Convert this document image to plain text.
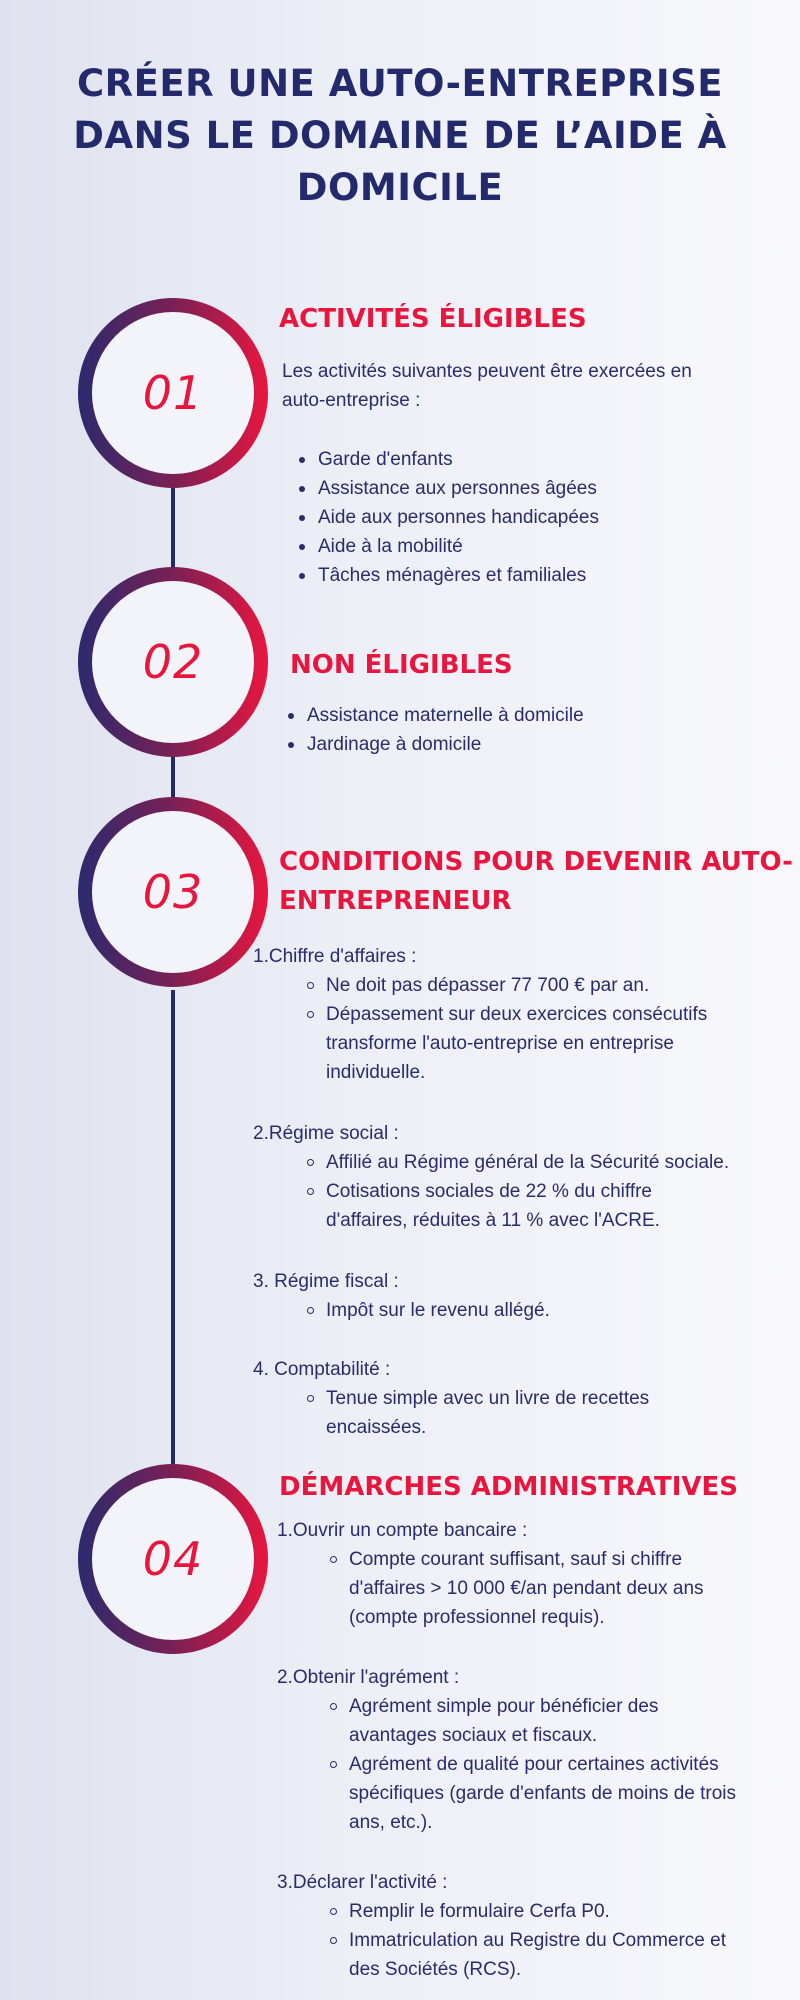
CRÉER UNE AUTO-ENTREPRISE
DANS LE DOMAINE DE L’AIDE À
DOMICILE
01
ACTIVITÉS ÉLIGIBLES
Les activités suivantes peuvent être exercées en
auto-entreprise :
Garde d'enfants
Assistance aux personnes âgées
Aide aux personnes handicapées
Aide à la mobilité
Tâches ménagères et familiales
02	NON ÉLIGIBLES
Assistance maternelle à domicile
Jardinage à domicile
03
CONDITIONS POUR DEVENIR AUTO-
ENTREPRENEUR
1.Chiffre d'affaires :
Ne doit pas dépasser 77 700 € par an.
Dépassement sur deux exercices consécutifs
transforme l'auto-entreprise en entreprise
individuelle.
2.Régime social :
Affilié au Régime général de la Sécurité sociale.
Cotisations sociales de 22 % du chiffre
d'affaires, réduites à 11 % avec l'ACRE.
3. Régime fiscal :
Impôt sur le revenu allégé.
4. Comptabilité :
Tenue simple avec un livre de recettes
encaissées.
04
DÉMARCHES ADMINISTRATIVES
1.Ouvrir un compte bancaire :
Compte courant suffisant, sauf si chiffre
d'affaires > 10 000 €/an pendant deux ans
(compte professionnel requis).
2.Obtenir l'agrément :
Agrément simple pour bénéficier des
avantages sociaux et fiscaux.
Agrément de qualité pour certaines activités
spécifiques (garde d'enfants de moins de trois
ans, etc.).
3.Déclarer l'activité :
Remplir le formulaire Cerfa P0.
Immatriculation au Registre du Commerce et
des Sociétés (RCS).
